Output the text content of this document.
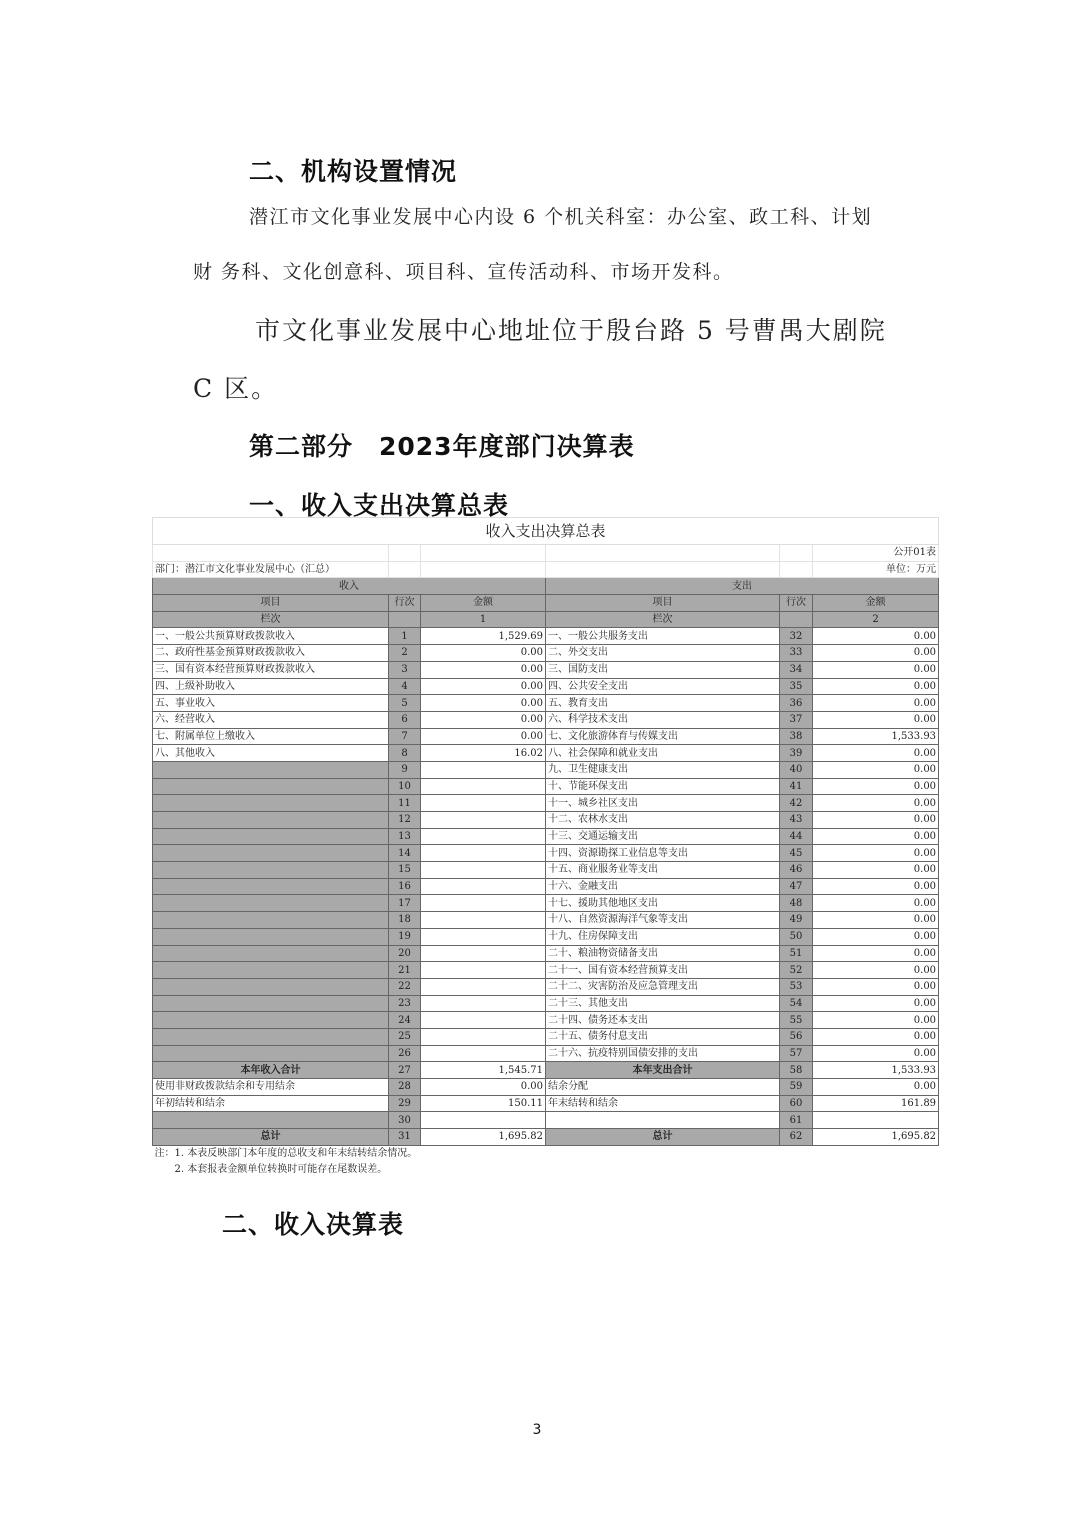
二、机构设置情况
潜江市文化事业发展中心内设 6 个机关科室：办公室、政工科、计划
财 务科、文化创意科、项目科、宣传活动科、市场开发科。
市文化事业发展中心地址位于殷台路 5 号曹禺大剧院
C 区。
第二部分　2023年度部门决算表
一、收入支出决算总表
收入支出决算总表					
					公开01表
部门：潜江市文化事业发展中心（汇总）					单位：万元
收入			支出		
项目	行次	金额	项目	行次	金额
栏次		1	栏次		2
一、一般公共预算财政拨款收入	1	1,529.69	一、一般公共服务支出	32	0.00
二、政府性基金预算财政拨款收入	2	0.00	二、外交支出	33	0.00
三、国有资本经营预算财政拨款收入	3	0.00	三、国防支出	34	0.00
四、上级补助收入	4	0.00	四、公共安全支出	35	0.00
五、事业收入	5	0.00	五、教育支出	36	0.00
六、经营收入	6	0.00	六、科学技术支出	37	0.00
七、附属单位上缴收入	7	0.00	七、文化旅游体育与传媒支出	38	1,533.93
八、其他收入	8	16.02	八、社会保障和就业支出	39	0.00
	9		九、卫生健康支出	40	0.00
	10		十、节能环保支出	41	0.00
	11		十一、城乡社区支出	42	0.00
	12		十二、农林水支出	43	0.00
	13		十三、交通运输支出	44	0.00
	14		十四、资源勘探工业信息等支出	45	0.00
	15		十五、商业服务业等支出	46	0.00
	16		十六、金融支出	47	0.00
	17		十七、援助其他地区支出	48	0.00
	18		十八、自然资源海洋气象等支出	49	0.00
	19		十九、住房保障支出	50	0.00
	20		二十、粮油物资储备支出	51	0.00
	21		二十一、国有资本经营预算支出	52	0.00
	22		二十二、灾害防治及应急管理支出	53	0.00
	23		二十三、其他支出	54	0.00
	24		二十四、债务还本支出	55	0.00
	25		二十五、债务付息支出	56	0.00
	26		二十六、抗疫特别国债安排的支出	57	0.00
本年收入合计	27	1,545.71	本年支出合计	58	1,533.93
使用非财政拨款结余和专用结余	28	0.00	结余分配	59	0.00
年初结转和结余	29	150.11	年末结转和结余	60	161.89
	30			61	
总计	31	1,695.82	总计	62	1,695.82
注：1. 本表反映部门本年度的总收支和年末结转结余情况。					
　　2. 本套报表金额单位转换时可能存在尾数误差。					
二、收入决算表
3
